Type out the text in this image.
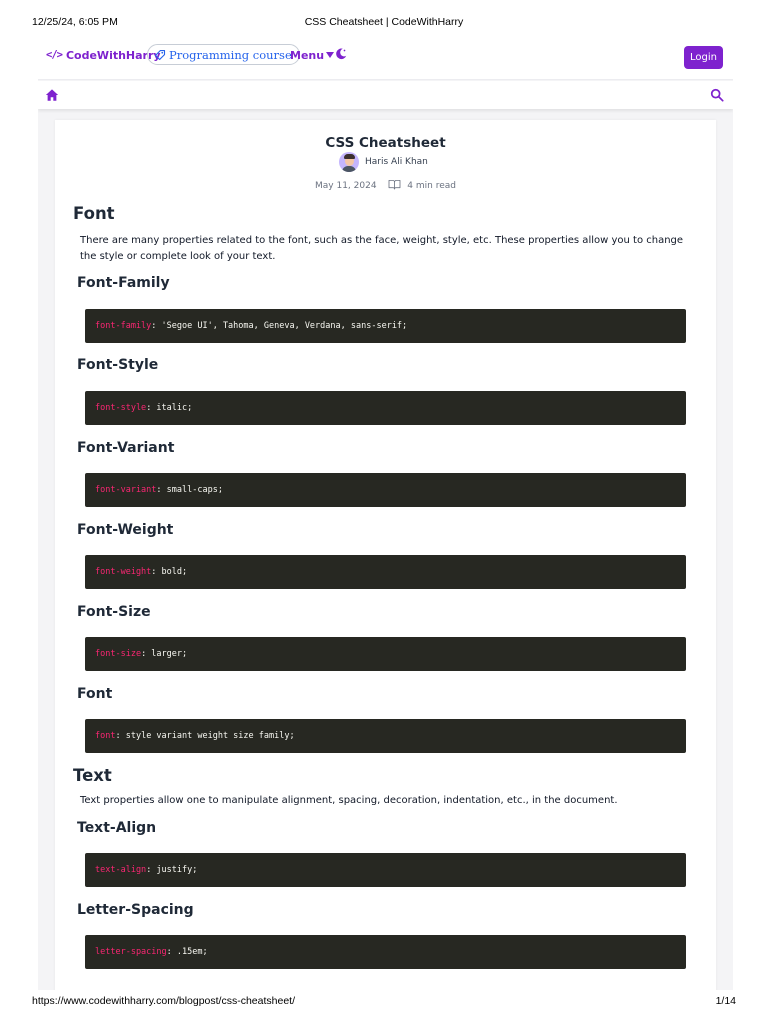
12/25/24, 6:05 PM	CSS Cheatsheet | CodeWithHarry
</> CodeWithHarry Programming course
Menu	Login
CSS Cheatsheet
Haris Ali Khan
May 11, 2024	4 min read
Font
There are many properties related to the font, such as the face, weight, style, etc. These properties allow you to change the style or complete look of your text.
Font-Family
font-family : 'Segoe UI', Tahoma, Geneva, Verdana, sans-serif;
Font-Style
font-style : italic;
Font-Variant
font-variant : small-caps;
Font-Weight
font-weight : bold;
Font-Size
font-size : larger;
Font
font : style variant weight size family;
Text
Text properties allow one to manipulate alignment, spacing, decoration, indentation, etc., in the document.
Text-Align
text-align : justify;
Letter-Spacing
letter-spacing : .15em;
https://www.codewithharry.com/blogpost/css-cheatsheet/	1/14
